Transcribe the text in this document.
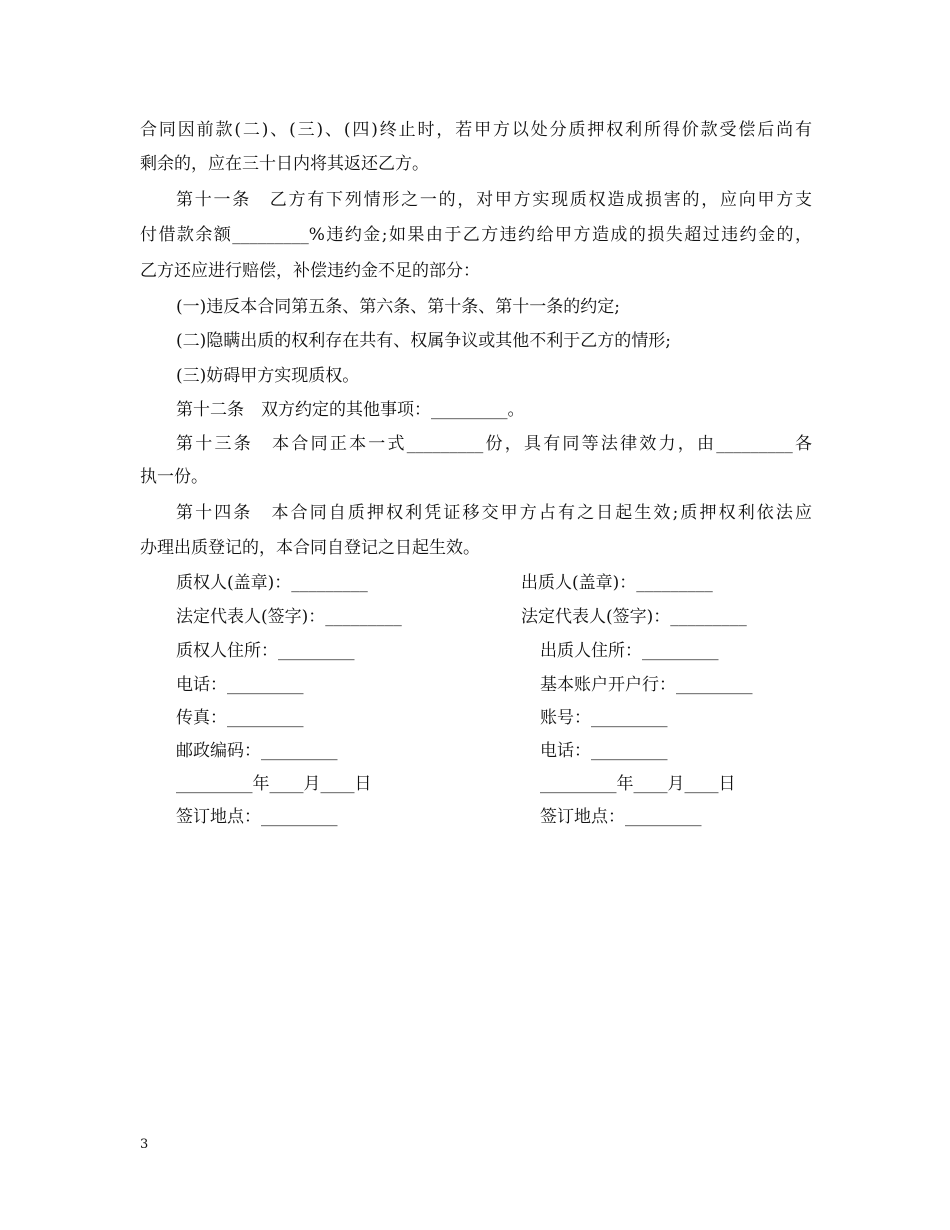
合同因前款(二)、(三)、(四)终止时，若甲方以处分质押权利所得价款受偿后尚有
剩余的，应在三十日内将其返还乙方。
第十一条　乙方有下列情形之一的，对甲方实现质权造成损害的，应向甲方支
付借款余额_________%违约金;如果由于乙方违约给甲方造成的损失超过违约金的，
乙方还应进行赔偿，补偿违约金不足的部分：
(一)违反本合同第五条、第六条、第十条、第十一条的约定;
(二)隐瞒出质的权利存在共有、权属争议或其他不利于乙方的情形;
(三)妨碍甲方实现质权。
第十二条　双方约定的其他事项：_________。
第十三条　本合同正本一式_________份，具有同等法律效力，由_________各
执一份。
第十四条　本合同自质押权利凭证移交甲方占有之日起生效;质押权利依法应
办理出质登记的，本合同自登记之日起生效。
质权人(盖章)：_________
法定代表人(签字)：_________
质权人住所：_________
电话：_________
传真：_________
邮政编码：_________
_________年____月____日
签订地点：_________
出质人(盖章)：_________
法定代表人(签字)：_________
出质人住所：_________
基本账户开户行：_________
账号：_________
电话：_________
_________年____月____日
签订地点：_________
3
